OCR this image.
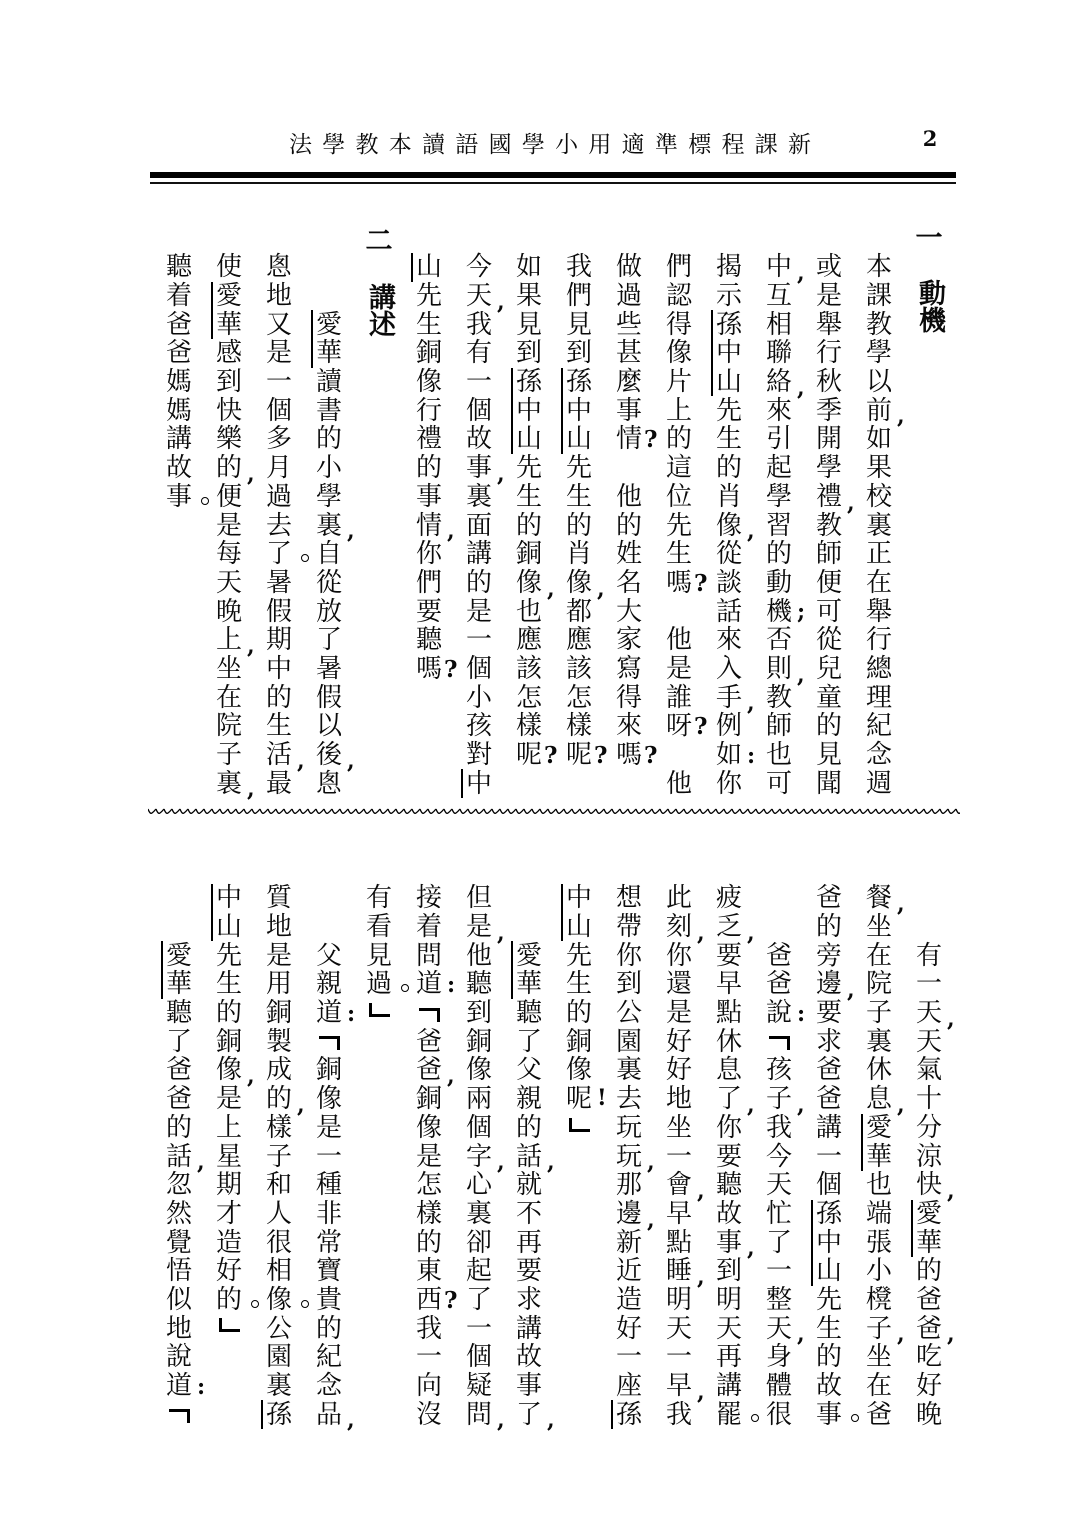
新
課
程
標
準
適
用
小
學
國
語
讀
本
教
學
法	2
一
動機
本
課
教
學
以
前 ,
如
果
校
裏
正
在
舉
行
總
理
紀
念
週
或
是
舉
行
秋
季
開
學
禮 ,
教
師
便
可
從
兒
童
的
見
聞
中 ,
互
相
聯
絡 ,
來
引
起
學
習
的
動
機 ;
否
則 ,
教
師
也
可
揭
示
孫
中
山
先
生
的
肖
像 ,
從
談
話
來
入
手 ,
例
如 :
你
們
認
得
像
片
上
的
這
位
先
生
嗎 ?
他
是
誰
呀 ?
他
做
過
些
甚
麼
事
情 ?
他
的
姓
名
大
家
寫
得
來
嗎 ?
我
們
見
到
孫
中
山
先
生
的
肖
像 ,
都
應
該
怎
樣
呢 ?
如
果
見
到
孫
中
山
先
生
的
銅
像 ,
也
應
該
怎
樣
呢 ?
今
天 ,
我
有
一
個
故
事 ,
裏
面
講
的
是
一
個
小
孩
對
中
山
先
生
銅
像
行
禮
的
事
情 ,
你
們
要
聽
嗎 ?
二
講述
愛
華
讀
書
的
小
學
裏 ,
自
從
放
了
暑
假
以
後 ,
悤
悤
地
又
是
一
個
多
月
過
去
了
暑
假
期
中
的
生
活 ,
最
使
愛
華
感
到
快
樂
的 ,
便
是
每
天
晚
上 ,
坐
在
院
子
裏 ,
聽
着
爸
爸
媽
媽
講
故
事
有
一
天 ,
天
氣
十
分
涼
快 ,
愛
華
的
爸
爸 ,
吃
好
晚
餐 ,
坐
在
院
子
裏
休
息 ,
愛
華
也
端
張
小
櫈
子 ,
坐
在
爸
爸
的
旁
邊 ,
要
求
爸
爸
講
一
個
孫
中
山
先
生
的
故
事
爸
爸
說 :
孩
子 ,
我
今
天
忙
了
一
整
天 ,
身
體
很
疲
乏 ,
要
早
點
休
息
了 ,
你
要
聽
故
事 ,
到
明
天
再
講
罷
此
刻 ,
你
還
是
好
好
地
坐
一
會 ,
早
點
睡 ,
明
天
一
早 ,
我
想
帶
你
到
公
園
裏
去
玩
玩 ,
那
邊 ,
新
近
造
好
一
座
孫
中
山
先
生
的
銅
像
呢 !
愛
華
聽
了
父
親
的
話 ,
就
不
再
要
求
講
故
事
了 ,
但
是 ,
他
聽
到
銅
像
兩
個
字 ,
心
裏
卻
起
了
一
個
疑
問 ,
接
着
問
道 :
爸
爸 ,
銅
像
是
怎
樣
的
東
西 ?
我
一
向
沒
有
看
見
過
父
親
道 :
銅
像
是
一
種
非
常
寶
貴
的
紀
念
品 ,
質
地
是
用
銅
製
成
的 ,
樣
子
和
人
很
相
像
公
園
裏
孫
中
山
先
生
的
銅
像 ,
是
上
星
期
才
造
好
的
愛
華
聽
了
爸
爸
的
話 ,
忽
然
覺
悟
似
地
說
道 :
